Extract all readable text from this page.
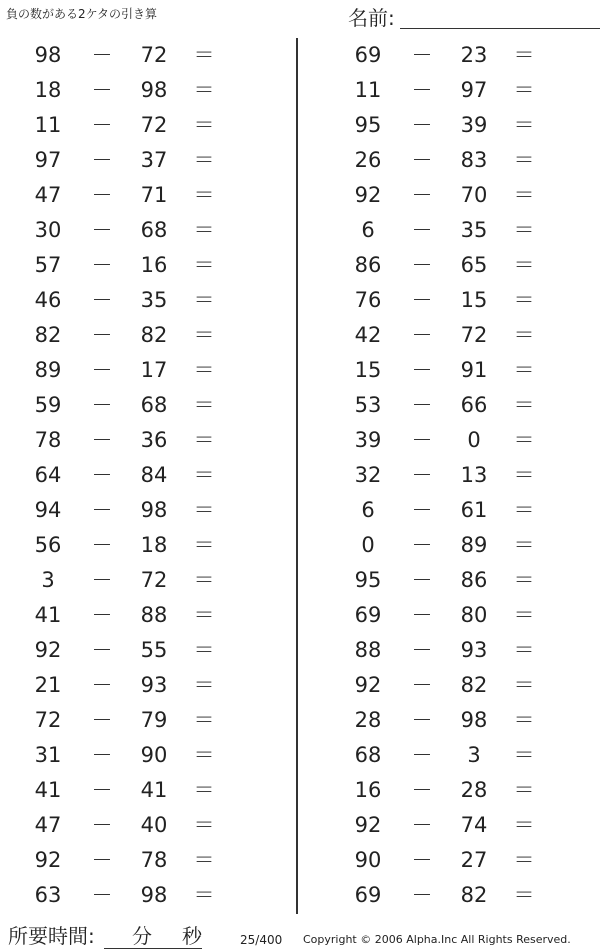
負の数がある2ケタの引き算	名前:
98	－	72	＝
18	－	98	＝
11	－	72	＝
97	－	37	＝
47	－	71	＝
30	－	68	＝
57	－	16	＝
46	－	35	＝
82	－	82	＝
89	－	17	＝
59	－	68	＝
78	－	36	＝
64	－	84	＝
94	－	98	＝
56	－	18	＝
3	－	72	＝
41	－	88	＝
92	－	55	＝
21	－	93	＝
72	－	79	＝
31	－	90	＝
41	－	41	＝
47	－	40	＝
92	－	78	＝
63	－	98	＝
69	－	23	＝
11	－	97	＝
95	－	39	＝
26	－	83	＝
92	－	70	＝
6	－	35	＝
86	－	65	＝
76	－	15	＝
42	－	72	＝
15	－	91	＝
53	－	66	＝
39	－	0	＝
32	－	13	＝
6	－	61	＝
0	－	89	＝
95	－	86	＝
69	－	80	＝
88	－	93	＝
92	－	82	＝
28	－	98	＝
68	－	3	＝
16	－	28	＝
92	－	74	＝
90	－	27	＝
69	－	82	＝
所要時間: 分 秒	25/400 Copyright © 2006 Alpha.Inc All Rights Reserved.
